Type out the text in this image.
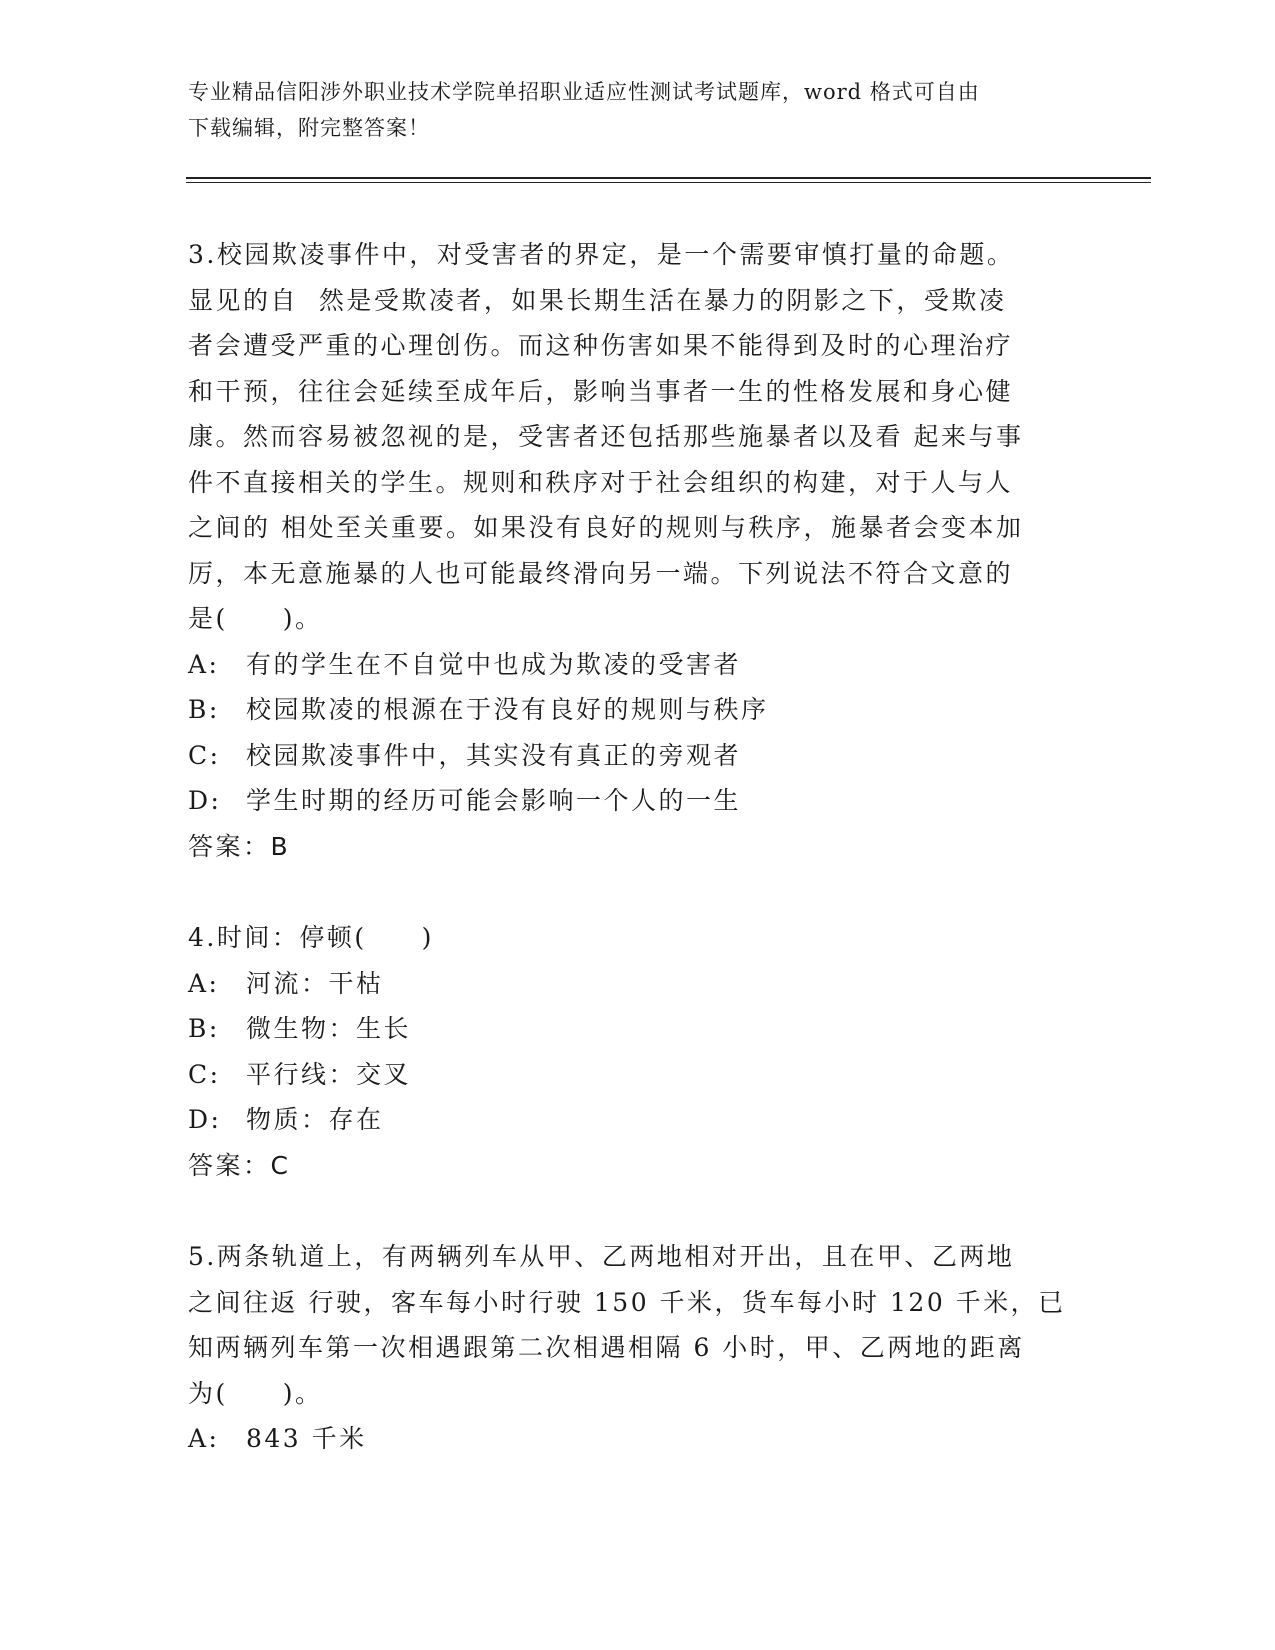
专业精品信阳涉外职业技术学院单招职业适应性测试考试题库，word 格式可自由
下载编辑，附完整答案！

3.校园欺凌事件中，对受害者的界定，是一个需要审慎打量的命题。
显见的自  然是受欺凌者，如果长期生活在暴力的阴影之下，受欺凌
者会遭受严重的心理创伤。而这种伤害如果不能得到及时的心理治疗
和干预，往往会延续至成年后，影响当事者一生的性格发展和身心健
康。然而容易被忽视的是，受害者还包括那些施暴者以及看 起来与事
件不直接相关的学生。规则和秩序对于社会组织的构建，对于人与人
之间的 相处至关重要。如果没有良好的规则与秩序，施暴者会变本加
厉，本无意施暴的人也可能最终滑向另一端。下列说法不符合文意的
是(　　)。

A: 有的学生在不自觉中也成为欺凌的受害者

B: 校园欺凌的根源在于没有良好的规则与秩序

C: 校园欺凌事件中，其实没有真正的旁观者

D: 学生时期的经历可能会影响一个人的一生

答案：B

4.时间：停顿(　　)

A: 河流：干枯

B: 微生物：生长

C: 平行线：交叉

D: 物质：存在

答案：C

5.两条轨道上，有两辆列车从甲、乙两地相对开出，且在甲、乙两地
之间往返 行驶，客车每小时行驶 150 千米，货车每小时 120 千米，已
知两辆列车第一次相遇跟第二次相遇相隔 6 小时，甲、乙两地的距离
为(　　)。

A: 843 千米
